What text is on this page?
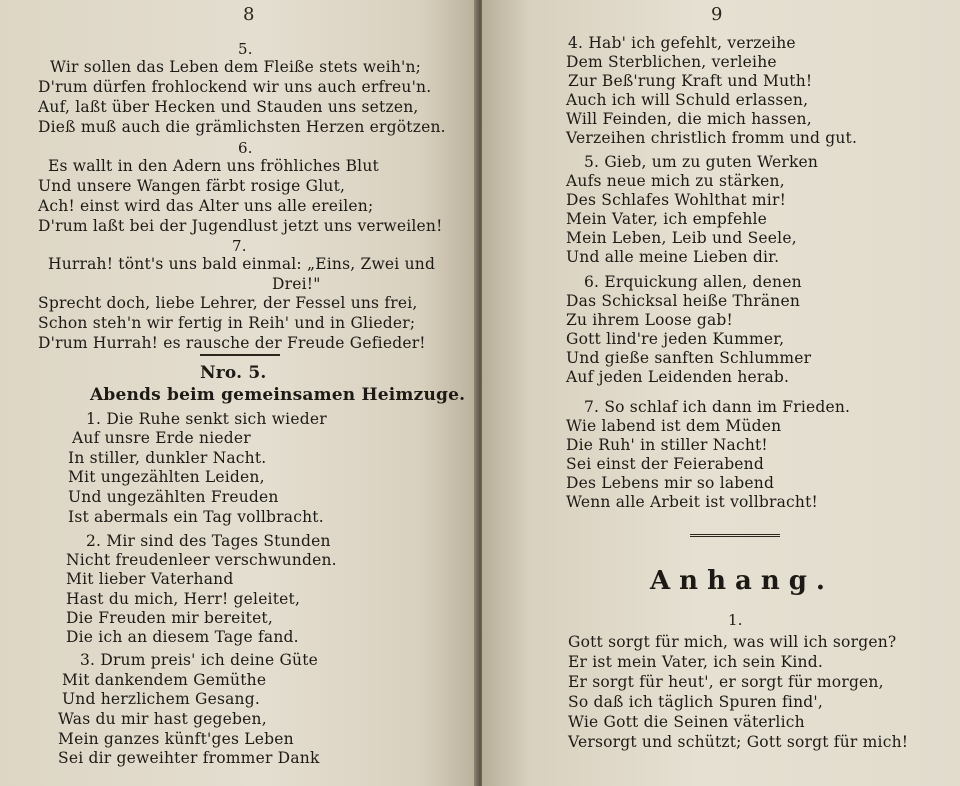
8
5.
Wir sollen das Leben dem Fleiße stets weih'n;
D'rum dürfen frohlockend wir uns auch erfreu'n.
Auf, laßt über Hecken und Stauden uns setzen,
Dieß muß auch die grämlichsten Herzen ergötzen.
6.
Es wallt in den Adern uns fröhliches Blut
Und unsere Wangen färbt rosige Glut,
Ach! einst wird das Alter uns alle ereilen;
D'rum laßt bei der Jugendlust jetzt uns verweilen!
7.
Hurrah! tönt's uns bald einmal: „Eins, Zwei und
Drei!"
Sprecht doch, liebe Lehrer, der Fessel uns frei,
Schon steh'n wir fertig in Reih' und in Glieder;
D'rum Hurrah! es rausche der Freude Gefieder!
Nro. 5.
Abends beim gemeinsamen Heimzuge.
1. Die Ruhe senkt sich wieder
Auf unsre Erde nieder
In stiller, dunkler Nacht.
Mit ungezählten Leiden,
Und ungezählten Freuden
Ist abermals ein Tag vollbracht.
2. Mir sind des Tages Stunden
Nicht freudenleer verschwunden.
Mit lieber Vaterhand
Hast du mich, Herr! geleitet,
Die Freuden mir bereitet,
Die ich an diesem Tage fand.
3. Drum preis' ich deine Güte
Mit dankendem Gemüthe
Und herzlichem Gesang.
Was du mir hast gegeben,
Mein ganzes künft'ges Leben
Sei dir geweihter frommer Dank
9
4. Hab' ich gefehlt, verzeihe
Dem Sterblichen, verleihe
Zur Beß'rung Kraft und Muth!
Auch ich will Schuld erlassen,
Will Feinden, die mich hassen,
Verzeihen christlich fromm und gut.
5. Gieb, um zu guten Werken
Aufs neue mich zu stärken,
Des Schlafes Wohlthat mir!
Mein Vater, ich empfehle
Mein Leben, Leib und Seele,
Und alle meine Lieben dir.
6. Erquickung allen, denen
Das Schicksal heiße Thränen
Zu ihrem Loose gab!
Gott lind're jeden Kummer,
Und gieße sanften Schlummer
Auf jeden Leidenden herab.
7. So schlaf ich dann im Frieden.
Wie labend ist dem Müden
Die Ruh' in stiller Nacht!
Sei einst der Feierabend
Des Lebens mir so labend
Wenn alle Arbeit ist vollbracht!
Anhang.
1.
Gott sorgt für mich, was will ich sorgen?
Er ist mein Vater, ich sein Kind.
Er sorgt für heut', er sorgt für morgen,
So daß ich täglich Spuren find',
Wie Gott die Seinen väterlich
Versorgt und schützt; Gott sorgt für mich!
